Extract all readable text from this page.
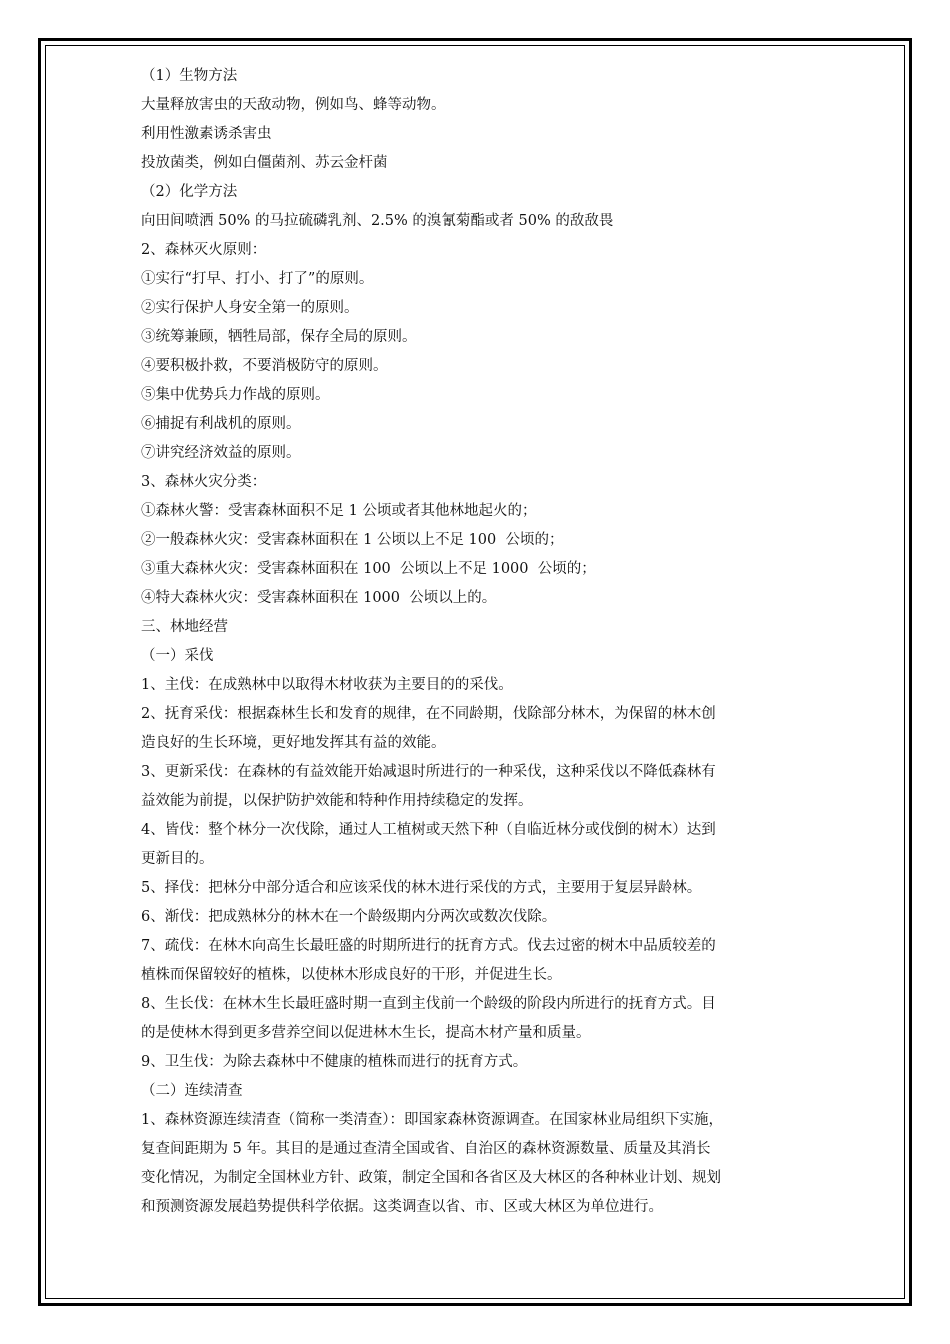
（1）生物方法
大量释放害虫的天敌动物，例如鸟、蜂等动物。
利用性激素诱杀害虫
投放菌类，例如白僵菌剂、苏云金杆菌
（2）化学方法
向田间喷洒 50% 的马拉硫磷乳剂、2.5% 的溴氰菊酯或者 50% 的敌敌畏
2、森林灭火原则：
①实行“打早、打小、打了”的原则。
②实行保护人身安全第一的原则。
③统筹兼顾，牺牲局部，保存全局的原则。
④要积极扑救，不要消极防守的原则。
⑤集中优势兵力作战的原则。
⑥捕捉有利战机的原则。
⑦讲究经济效益的原则。
3、森林火灾分类：
①森林火警：受害森林面积不足 1 公顷或者其他林地起火的；
②一般森林火灾：受害森林面积在 1 公顷以上不足 100  公顷的；
③重大森林火灾：受害森林面积在 100  公顷以上不足 1000  公顷的；
④特大森林火灾：受害森林面积在 1000  公顷以上的。
三、林地经营
（一）采伐
1、主伐：在成熟林中以取得木材收获为主要目的的采伐。
2、抚育采伐：根据森林生长和发育的规律，在不同龄期，伐除部分林木，为保留的林木创
造良好的生长环境，更好地发挥其有益的效能。
3、更新采伐：在森林的有益效能开始减退时所进行的一种采伐，这种采伐以不降低森林有
益效能为前提，以保护防护效能和特种作用持续稳定的发挥。
4、皆伐：整个林分一次伐除，通过人工植树或天然下种（自临近林分或伐倒的树木）达到
更新目的。
5、择伐：把林分中部分适合和应该采伐的林木进行采伐的方式，主要用于复层异龄林。
6、渐伐：把成熟林分的林木在一个龄级期内分两次或数次伐除。
7、疏伐：在林木向高生长最旺盛的时期所进行的抚育方式。伐去过密的树木中品质较差的
植株而保留较好的植株，以使林木形成良好的干形，并促进生长。
8、生长伐：在林木生长最旺盛时期一直到主伐前一个龄级的阶段内所进行的抚育方式。目
的是使林木得到更多营养空间以促进林木生长，提高木材产量和质量。
9、卫生伐：为除去森林中不健康的植株而进行的抚育方式。
（二）连续清查
1、森林资源连续清查（简称一类清查）：即国家森林资源调查。在国家林业局组织下实施，
复查间距期为 5 年。其目的是通过查清全国或省、自治区的森林资源数量、质量及其消长
变化情况，为制定全国林业方针、政策，制定全国和各省区及大林区的各种林业计划、规划
和预测资源发展趋势提供科学依据。这类调查以省、市、区或大林区为单位进行。
